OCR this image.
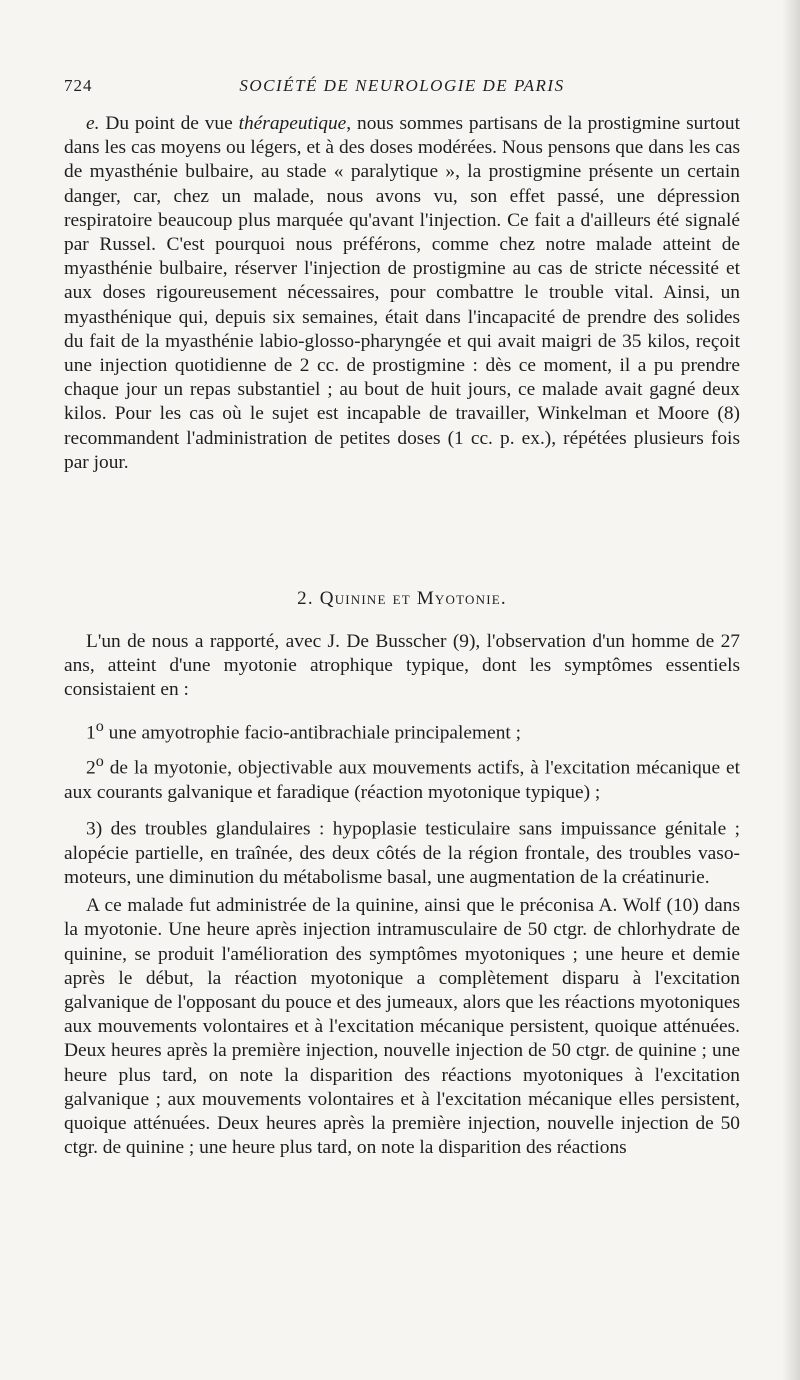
724	SOCIÉTÉ DE NEUROLOGIE DE PARIS

e. Du point de vue thérapeutique, nous sommes partisans de la prostigmine surtout dans les cas moyens ou légers, et à des doses modérées. Nous pensons que dans les cas de myasthénie bulbaire, au stade « paralytique », la prostigmine présente un certain danger, car, chez un malade, nous avons vu, son effet passé, une dépression respiratoire beaucoup plus marquée qu'avant l'injection. Ce fait a d'ailleurs été signalé par Russel. C'est pourquoi nous préférons, comme chez notre malade atteint de myasthénie bulbaire, réserver l'injection de prostigmine au cas de stricte nécessité et aux doses rigoureusement nécessaires, pour combattre le trouble vital. Ainsi, un myasthénique qui, depuis six semaines, était dans l'incapacité de prendre des solides du fait de la myasthénie labio-glosso-pharyngée et qui avait maigri de 35 kilos, reçoit une injection quotidienne de 2 cc. de prostigmine : dès ce moment, il a pu prendre chaque jour un repas substantiel ; au bout de huit jours, ce malade avait gagné deux kilos. Pour les cas où le sujet est incapable de travailler, Winkelman et Moore (8) recommandent l'administration de petites doses (1 cc. p. ex.), répétées plusieurs fois par jour.

2. Quinine et Myotonie.

L'un de nous a rapporté, avec J. De Busscher (9), l'observation d'un homme de 27 ans, atteint d'une myotonie atrophique typique, dont les symptômes essentiels consistaient en :

1$^o$ une amyotrophie facio-antibrachiale principalement ;

2$^o$ de la myotonie, objectivable aux mouvements actifs, à l'excitation mécanique et aux courants galvanique et faradique (réaction myotonique typique) ;

3) des troubles glandulaires : hypoplasie testiculaire sans impuissance génitale ; alopécie partielle, en traînée, des deux côtés de la région frontale, des troubles vaso-moteurs, une diminution du métabolisme basal, une augmentation de la créatinurie.

A ce malade fut administrée de la quinine, ainsi que le préconisa A. Wolf (10) dans la myotonie. Une heure après injection intramusculaire de 50 ctgr. de chlorhydrate de quinine, se produit l'amélioration des symptômes myotoniques ; une heure et demie après le début, la réaction myotonique a complètement disparu à l'excitation galvanique de l'opposant du pouce et des jumeaux, alors que les réactions myotoniques aux mouvements volontaires et à l'excitation mécanique persistent, quoique atténuées. Deux heures après la première injection, nouvelle injection de 50 ctgr. de quinine ; une heure plus tard, on note la disparition des réactions myotoniques à l'excitation galvanique ; aux mouvements volontaires et à l'excitation mécanique elles persistent, quoique atténuées. Deux heures après la première injection, nouvelle injection de 50 ctgr. de quinine ; une heure plus tard, on note la disparition des réactions
